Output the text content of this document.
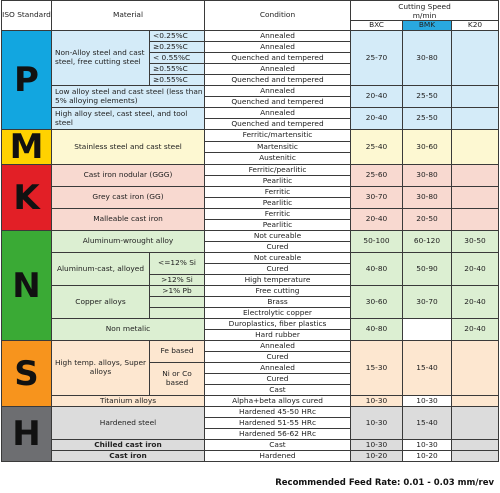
ISO Standard	Material		Condition	Cutting Speed
m/min		

				BXC	BMK	K20
P	Non-Alloy steel and cast steel, free cutting steel	<0.25%C	Annealed	25-70	30-80	
		≥0.25%C	Annealed			
		< 0.55%C	Quenched and tempered			
		≥0.55%C	Annealed			
		≥0.55%C	Quenched and tempered			
	Low alloy steel and cast steel (less than 5% alloying elements)		Annealed	20-40	25-50	
			Quenched and tempered			
	High alloy steel, cast steel, and tool steel		Annealed	20-40	25-50	
			Quenched and tempered			
M	Stainless steel and cast steel		Ferritic/martensitic	25-40	30-60	
			Martensitic			
			Austenitic			
K	Cast iron nodular (GGG)		Ferritic/pearlitic	25-60	30-80	
			Pearlitic			
	Grey cast iron (GG)		Ferritic	30-70	30-80	
			Pearlitic			
	Malleable cast iron		Ferritic	20-40	20-50	
			Pearlitic			
N	Aluminum-wrought alloy		Not cureable	50-100	60-120	30-50
			Cured			
	Aluminum-cast, alloyed	<=12% Si	Not cureable	40-80	50-90	20-40
			Cured			
		>12% Si	High temperature			
	Copper alloys	>1% Pb	Free cutting	30-60	30-70	20-40
			Brass			
			Electrolytic copper			
	Non metalic		Duroplastics, fiber plastics	40-80		20-40
			Hard rubber			
S	High temp. alloys, Super alloys	Fe based	Annealed	15-30	15-40	
			Cured			
		Ni or Co based	Annealed			
			Cured			
			Cast			
	Titanium alloys		Alpha+beta alloys cured	10-30	10-30	
H	Hardened steel		Hardened 45-50 HRc	10-30	15-40	
			Hardened 51-55 HRc			
			Hardened 56-62 HRc			
	Chilled cast iron		Cast	10-30	10-30	
	Cast iron		Hardened	10-20	10-20	
Recommended Feed Rate: 0.01 - 0.03 mm/rev
